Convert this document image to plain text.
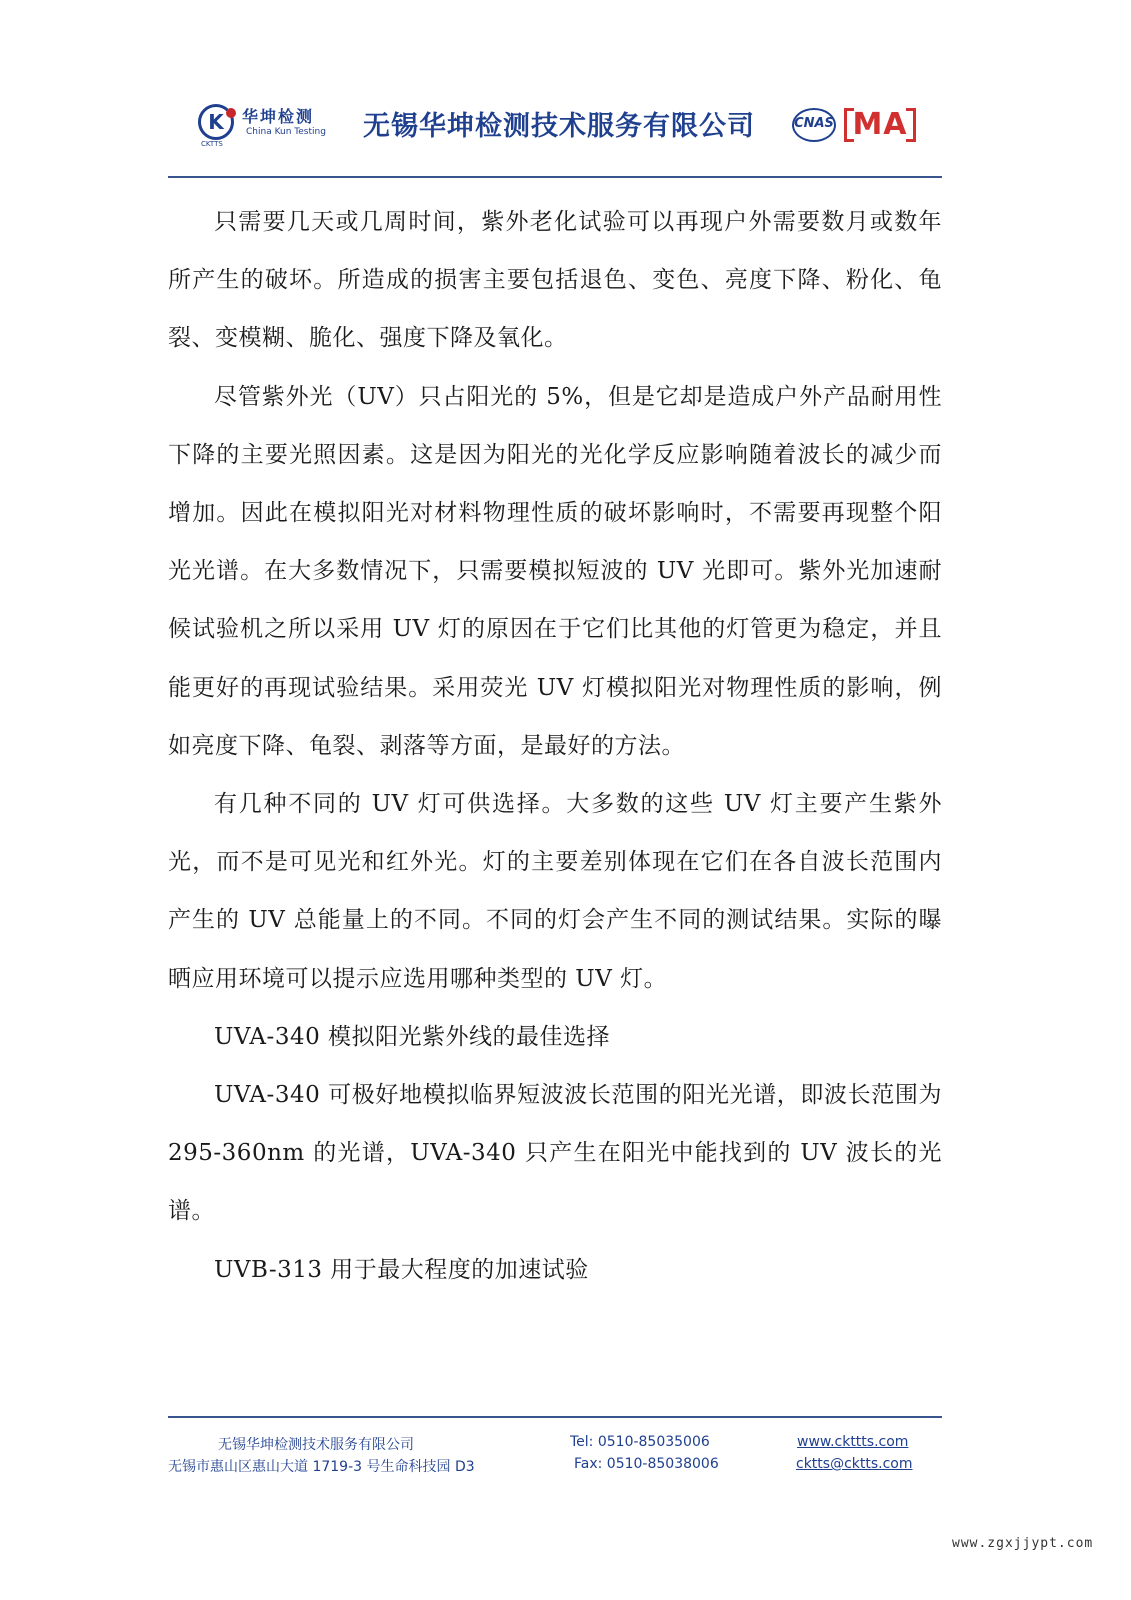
K	华坤检测
China Kun Testing
CKTTS
无锡华坤检测技术服务有限公司	CNAS MA

只需要几天或几周时间，紫外老化试验可以再现户外需要数月或数年所产生的破坏。所造成的损害主要包括退色、变色、亮度下降、粉化、龟裂、变模糊、脆化、强度下降及氧化。

尽管紫外光（UV）只占阳光的 5%，但是它却是造成户外产品耐用性下降的主要光照因素。这是因为阳光的光化学反应影响随着波长的减少而增加。因此在模拟阳光对材料物理性质的破坏影响时，不需要再现整个阳光光谱。在大多数情况下，只需要模拟短波的 UV 光即可。紫外光加速耐候试验机之所以采用 UV 灯的原因在于它们比其他的灯管更为稳定，并且能更好的再现试验结果。采用荧光 UV 灯模拟阳光对物理性质的影响，例如亮度下降、龟裂、剥落等方面，是最好的方法。

有几种不同的 UV 灯可供选择。大多数的这些 UV 灯主要产生紫外光，而不是可见光和红外光。灯的主要差别体现在它们在各自波长范围内产生的 UV 总能量上的不同。不同的灯会产生不同的测试结果。实际的曝晒应用环境可以提示应选用哪种类型的 UV 灯。

UVA-340 模拟阳光紫外线的最佳选择

UVA-340 可极好地模拟临界短波波长范围的阳光光谱，即波长范围为 295-360nm 的光谱，UVA-340 只产生在阳光中能找到的 UV 波长的光谱。

UVB-313 用于最大程度的加速试验

无锡华坤检测技术服务有限公司
无锡市惠山区惠山大道 1719-3 号生命科技园 D3
Tel: 0510-85035006
Fax: 0510-85038006
www.ckttts.com
cktts@cktts.com
www.zgxjjypt.com
